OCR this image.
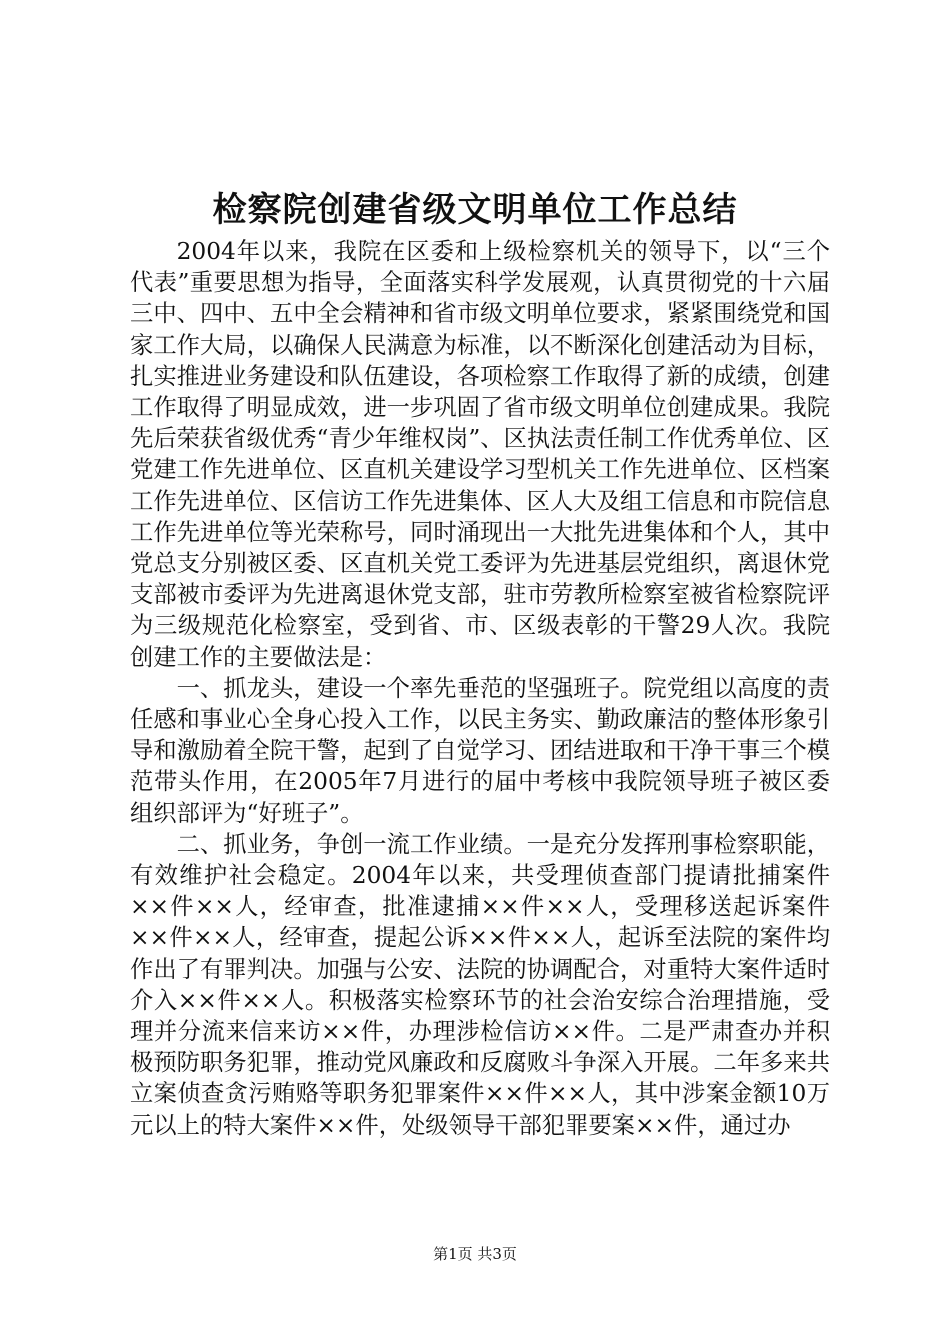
检察院创建省级文明单位工作总结

2004年以来，我院在区委和上级检察机关的领导下，以“三个代表”重要思想为指导，全面落实科学发展观，认真贯彻党的十六届三中、四中、五中全会精神和省市级文明单位要求，紧紧围绕党和国家工作大局，以确保人民满意为标准，以不断深化创建活动为目标，扎实推进业务建设和队伍建设，各项检察工作取得了新的成绩，创建工作取得了明显成效，进一步巩固了省市级文明单位创建成果。我院先后荣获省级优秀“青少年维权岗”、区执法责任制工作优秀单位、区党建工作先进单位、区直机关建设学习型机关工作先进单位、区档案工作先进单位、区信访工作先进集体、区人大及组工信息和市院信息工作先进单位等光荣称号，同时涌现出一大批先进集体和个人，其中党总支分别被区委、区直机关党工委评为先进基层党组织，离退休党支部被市委评为先进离退休党支部，驻市劳教所检察室被省检察院评为三级规范化检察室，受到省、市、区级表彰的干警29人次。我院创建工作的主要做法是：

一、抓龙头，建设一个率先垂范的坚强班子。院党组以高度的责任感和事业心全身心投入工作，以民主务实、勤政廉洁的整体形象引导和激励着全院干警，起到了自觉学习、团结进取和干净干事三个模范带头作用，在2005年7月进行的届中考核中我院领导班子被区委组织部评为“好班子”。

二、抓业务，争创一流工作业绩。一是充分发挥刑事检察职能，有效维护社会稳定。2004年以来，共受理侦查部门提请批捕案件××件××人，经审查，批准逮捕××件××人，受理移送起诉案件××件××人，经审查，提起公诉××件××人，起诉至法院的案件均作出了有罪判决。加强与公安、法院的协调配合，对重特大案件适时介入××件××人。积极落实检察环节的社会治安综合治理措施，受理并分流来信来访××件，办理涉检信访××件。二是严肃查办并积极预防职务犯罪，推动党风廉政和反腐败斗争深入开展。二年多来共立案侦查贪污贿赂等职务犯罪案件××件××人，其中涉案金额10万元以上的特大案件××件，处级领导干部犯罪要案××件，通过办

第1页 共3页
